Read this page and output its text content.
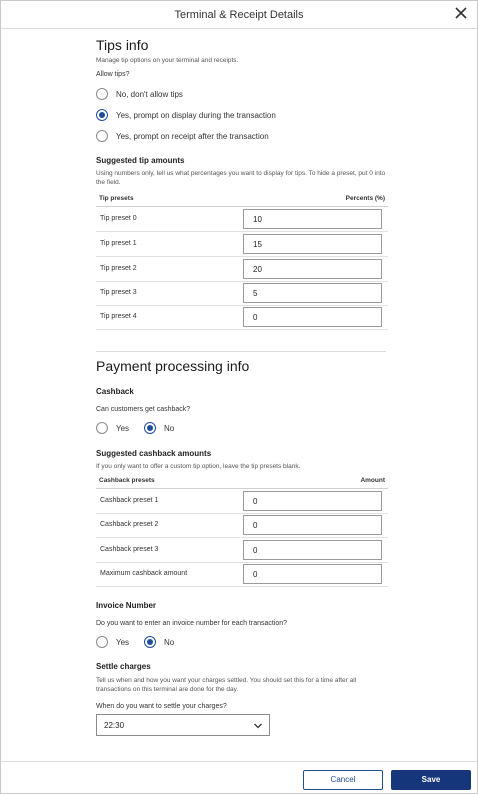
Terminal & Receipt Details
Tips info
Manage tip options on your terminal and receipts.
Allow tips?
No, don't allow tips
Yes, prompt on display during the transaction
Yes, prompt on receipt after the transaction
Suggested tip amounts
Using numbers only, tell us what percentages you want to display for tips. To hide a preset, put 0 into the field.
Tip presets	Percents (%)
Tip preset 0	10
Tip preset 1	15
Tip preset 2	20
Tip preset 3	5
Tip preset 4	0
Payment processing info
Cashback
Can customers get cashback?
Yes	No
Suggested cashback amounts
If you only want to offer a custom tip option, leave the tip presets blank.
Cashback presets	Amount
Cashback preset 1	0
Cashback preset 2	0
Cashback preset 3	0
Maximum cashback amount	0
Invoice Number
Do you want to enter an invoice number for each transaction?
Yes	No
Settle charges
Tell us when and how you want your charges settled. You should set this for a time after all transactions on this terminal are done for the day.
When do you want to settle your charges?
22:30
Cancel	Save
